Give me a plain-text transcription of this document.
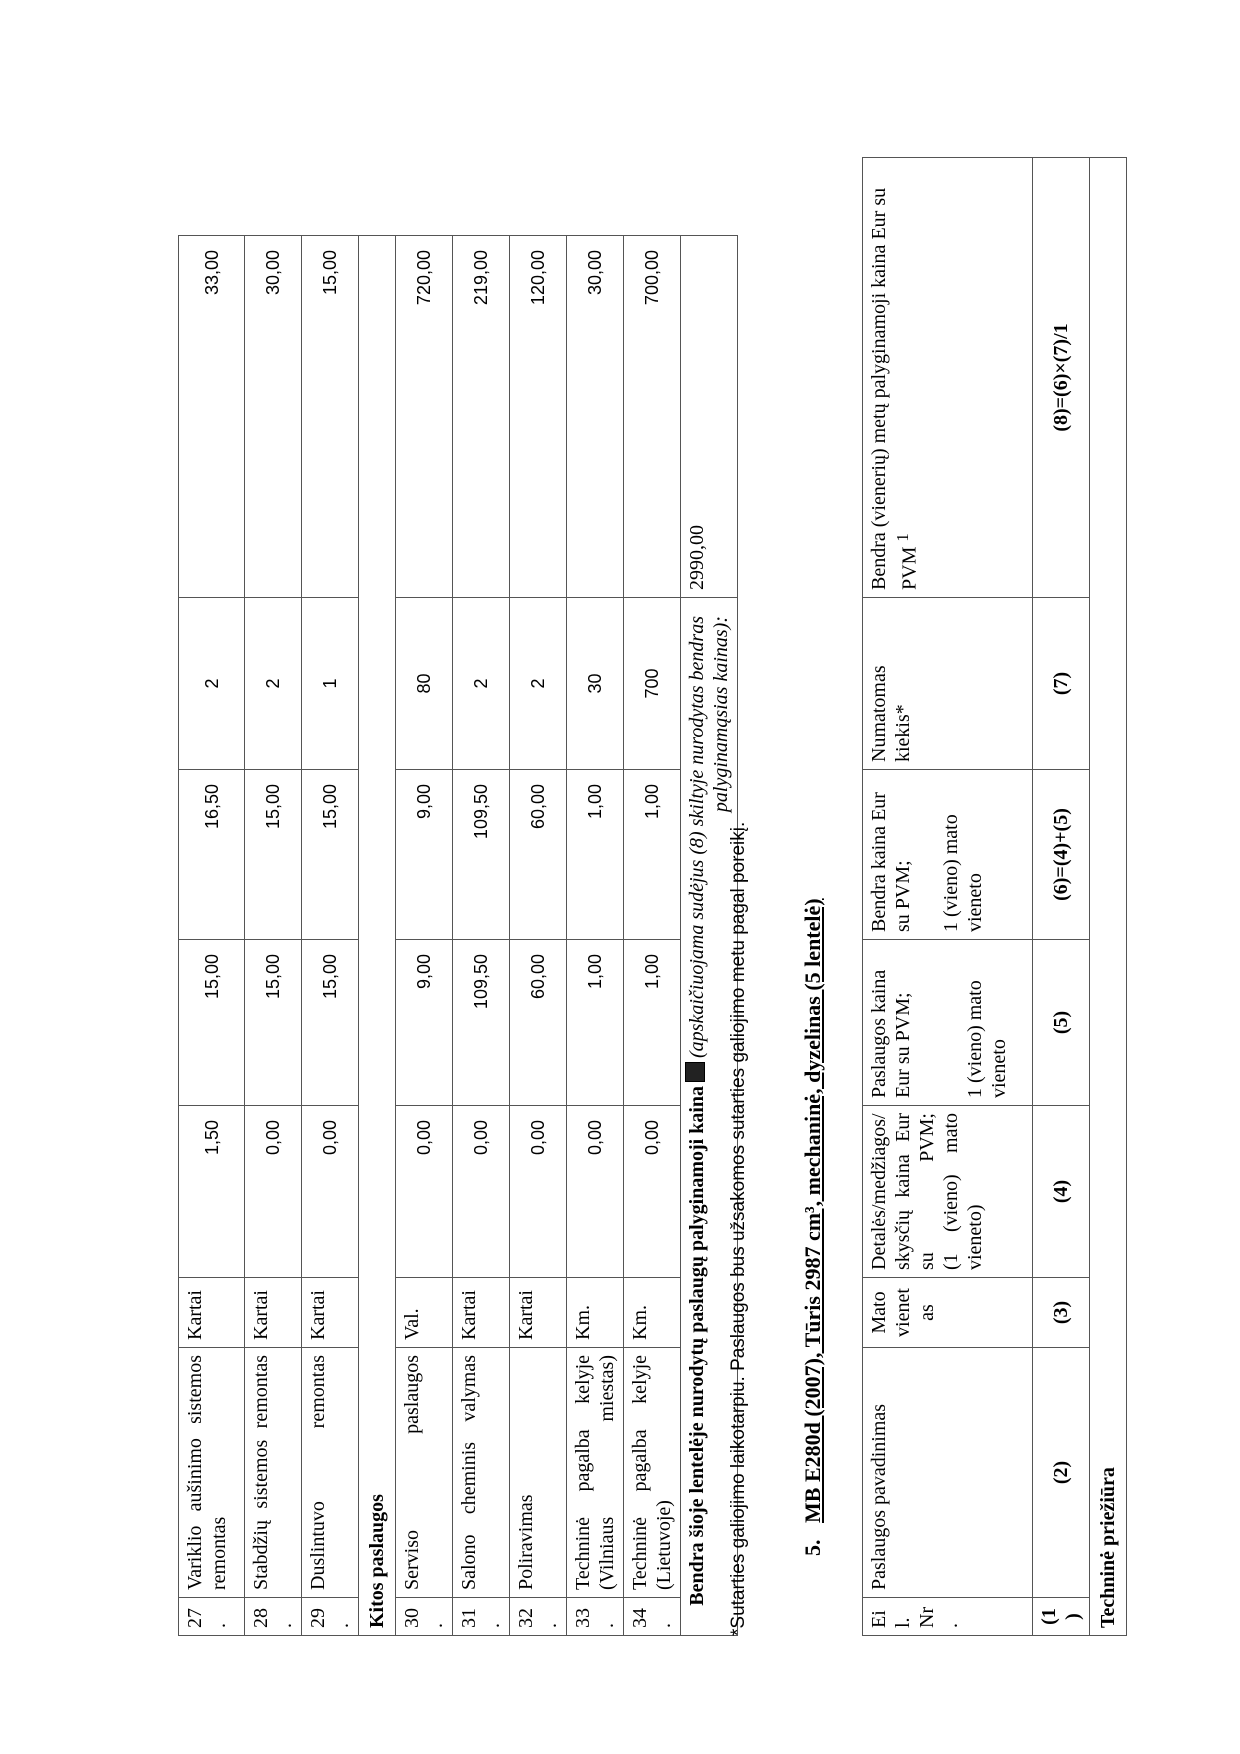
27.	Variklio aušinimo sistemos remontas	Kartai	1,50	15,00	16,50	2	33,00
28.	Stabdžių sistemos remontas	Kartai	0,00	15,00	15,00	2	30,00
29.	Duslintuvo remontas	Kartai	0,00	15,00	15,00	1	15,00
Kitos paslaugos							
30.	Serviso paslaugos	Val.	0,00	9,00	9,00	80	720,00
31.	Salono cheminis valymas	Kartai	0,00	109,50	109,50	2	219,00
32.	Poliravimas	Kartai	0,00	60,00	60,00	2	120,00
33.	Techninė pagalba kelyje (Vilniaus miestas)	Km.	0,00	1,00	1,00	30	30,00
34.	Techninė pagalba kelyje (Lietuvoje)	Km.	0,00	1,00	1,00	700	700,00
Bendra šioje lentelėje nurodytų paslaugų palyginamoji kaina(apskaičiuojama sudėjus (8) skiltyje nurodytas bendras palyginamąsias kainas):							2990,00
*Sutarties galiojimo laikotarpiu. Paslaugos bus užsakomos sutarties galiojimo metu pagal poreikį. 5.   MB E280d (2007), Tūris 2987 cm³, mechaninė, dyzelinas (5 lentelė)
Eil. Nr.	Paslaugos pavadinimas	Mato vienetas	Detalės/medžiagos/skysčių kaina Eur su PVM; (1 (vieno) mato vieneto)	Paslaugos kaina Eur su PVM; 1 (vieno) mato vieneto	Bendra kaina Eur su PVM; 1 (vieno) mato vieneto	Numatomas kiekis*	Bendra (vienerių) metų palyginamoji kaina Eur su PVM $^1$
(1)	(2)	(3)	(4)	(5)	(6)=(4)+(5)	(7)	(8)=(6)×(7)/1
Techninė priežiūra							
